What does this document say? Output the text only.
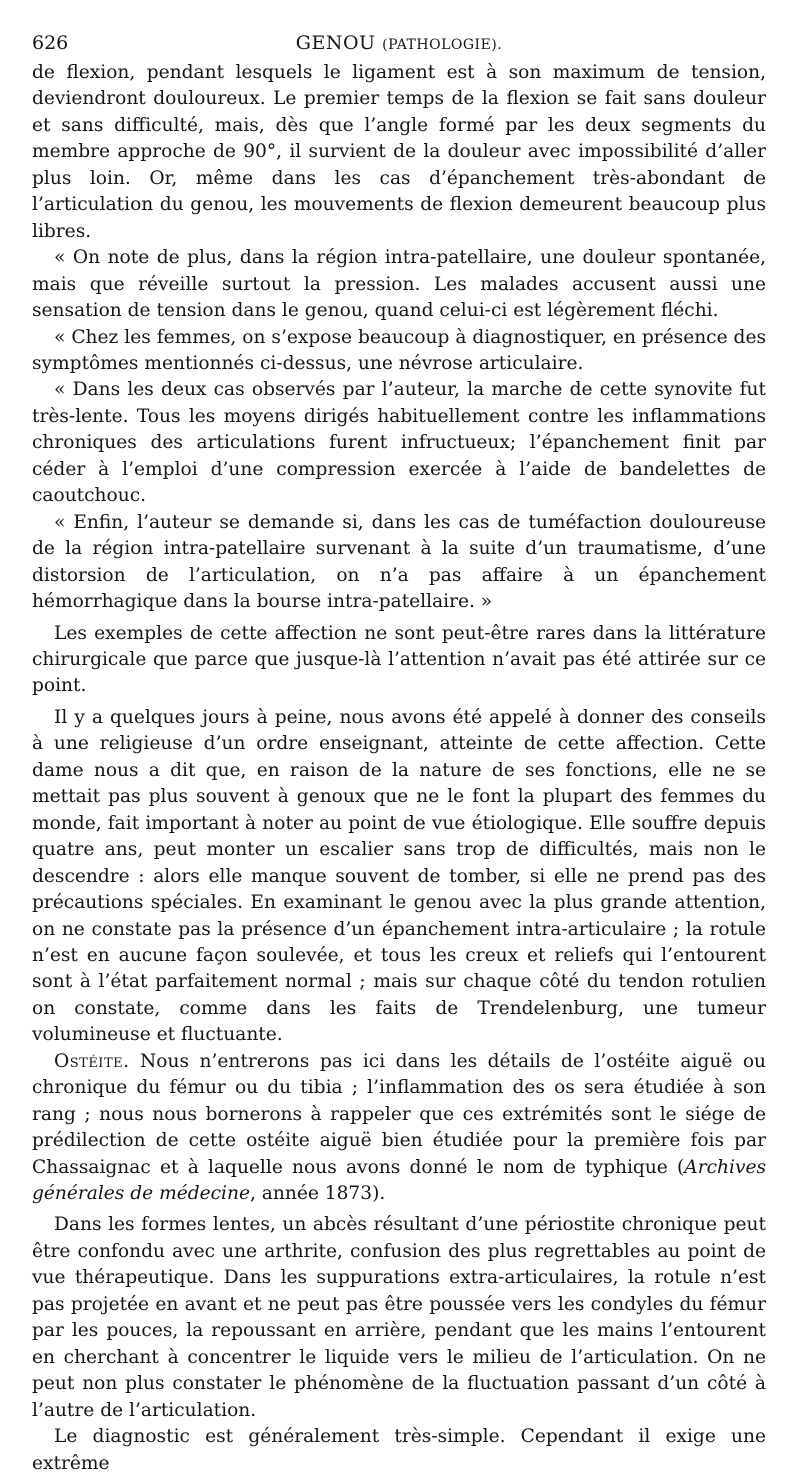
626	GENOU (PATHOLOGIE).

de flexion, pendant lesquels le ligament est à son maximum de tension, deviendront douloureux. Le premier temps de la flexion se fait sans douleur et sans difficulté, mais, dès que l’angle formé par les deux segments du membre approche de 90°, il survient de la douleur avec impossibilité d’aller plus loin. Or, même dans les cas d’épanchement très-abondant de l’articulation du genou, les mouvements de flexion demeurent beaucoup plus libres.

« On note de plus, dans la région intra-patellaire, une douleur spontanée, mais que réveille surtout la pression. Les malades accusent aussi une sensation de tension dans le genou, quand celui-ci est légèrement fléchi.

« Chez les femmes, on s’expose beaucoup à diagnostiquer, en présence des symptômes mentionnés ci-dessus, une névrose articulaire.

« Dans les deux cas observés par l’auteur, la marche de cette synovite fut très-lente. Tous les moyens dirigés habituellement contre les inflammations chroniques des articulations furent infructueux; l’épanchement finit par céder à l’emploi d’une compression exercée à l’aide de bandelettes de caoutchouc.

« Enfin, l’auteur se demande si, dans les cas de tuméfaction douloureuse de la région intra-patellaire survenant à la suite d’un traumatisme, d’une distorsion de l’articulation, on n’a pas affaire à un épanchement hémorrhagique dans la bourse intra-patellaire. »

Les exemples de cette affection ne sont peut-être rares dans la littérature chirurgicale que parce que jusque-là l’attention n’avait pas été attirée sur ce point.

Il y a quelques jours à peine, nous avons été appelé à donner des conseils à une religieuse d’un ordre enseignant, atteinte de cette affection. Cette dame nous a dit que, en raison de la nature de ses fonctions, elle ne se mettait pas plus souvent à genoux que ne le font la plupart des femmes du monde, fait important à noter au point de vue étiologique. Elle souffre depuis quatre ans, peut monter un escalier sans trop de difficultés, mais non le descendre : alors elle manque souvent de tomber, si elle ne prend pas des précautions spéciales. En examinant le genou avec la plus grande attention, on ne constate pas la présence d’un épanchement intra-articulaire ; la rotule n’est en aucune façon soulevée, et tous les creux et reliefs qui l’entourent sont à l’état parfaitement normal ; mais sur chaque côté du tendon rotulien on constate, comme dans les faits de Trendelenburg, une tumeur volumineuse et fluctuante.

Ostéite. Nous n’entrerons pas ici dans les détails de l’ostéite aiguë ou chronique du fémur ou du tibia ; l’inflammation des os sera étudiée à son rang ; nous nous bornerons à rappeler que ces extrémités sont le siége de prédilection de cette ostéite aiguë bien étudiée pour la première fois par Chassaignac et à laquelle nous avons donné le nom de typhique (Archives générales de médecine, année 1873).

Dans les formes lentes, un abcès résultant d’une périostite chronique peut être confondu avec une arthrite, confusion des plus regrettables au point de vue thérapeutique. Dans les suppurations extra-articulaires, la rotule n’est pas projetée en avant et ne peut pas être poussée vers les condyles du fémur par les pouces, la repoussant en arrière, pendant que les mains l’entourent en cherchant à concentrer le liquide vers le milieu de l’articulation. On ne peut non plus constater le phénomène de la fluctuation passant d’un côté à l’autre de l’articulation.

Le diagnostic est généralement très-simple. Cependant il exige une extrême
